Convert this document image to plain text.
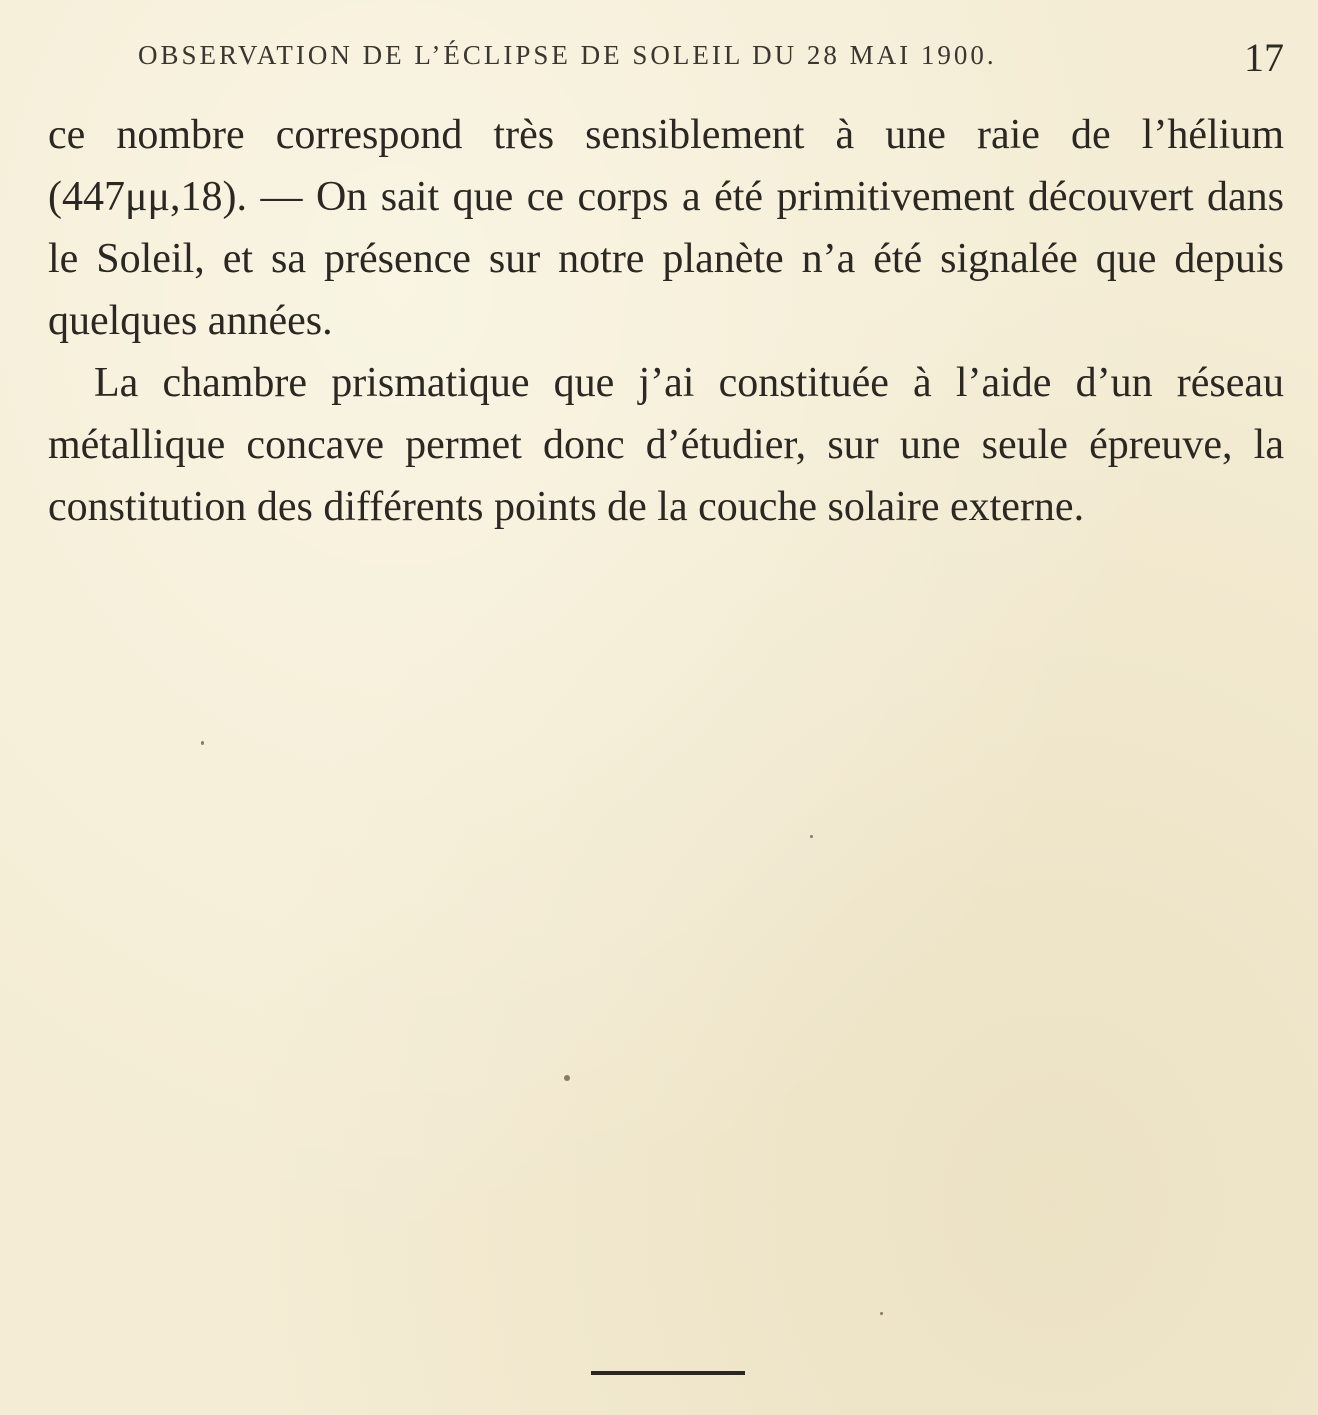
OBSERVATION DE L’ÉCLIPSE DE SOLEIL DU 28 MAI 1900.	17

ce nombre correspond très sensiblement à une raie de l’hélium (447μμ,18). — On sait que ce corps a été primitivement découvert dans le Soleil, et sa présence sur notre planète n’a été signalée que depuis quelques années.

La chambre prismatique que j’ai constituée à l’aide d’un réseau métallique concave permet donc d’étudier, sur une seule épreuve, la constitution des différents points de la couche solaire externe.
